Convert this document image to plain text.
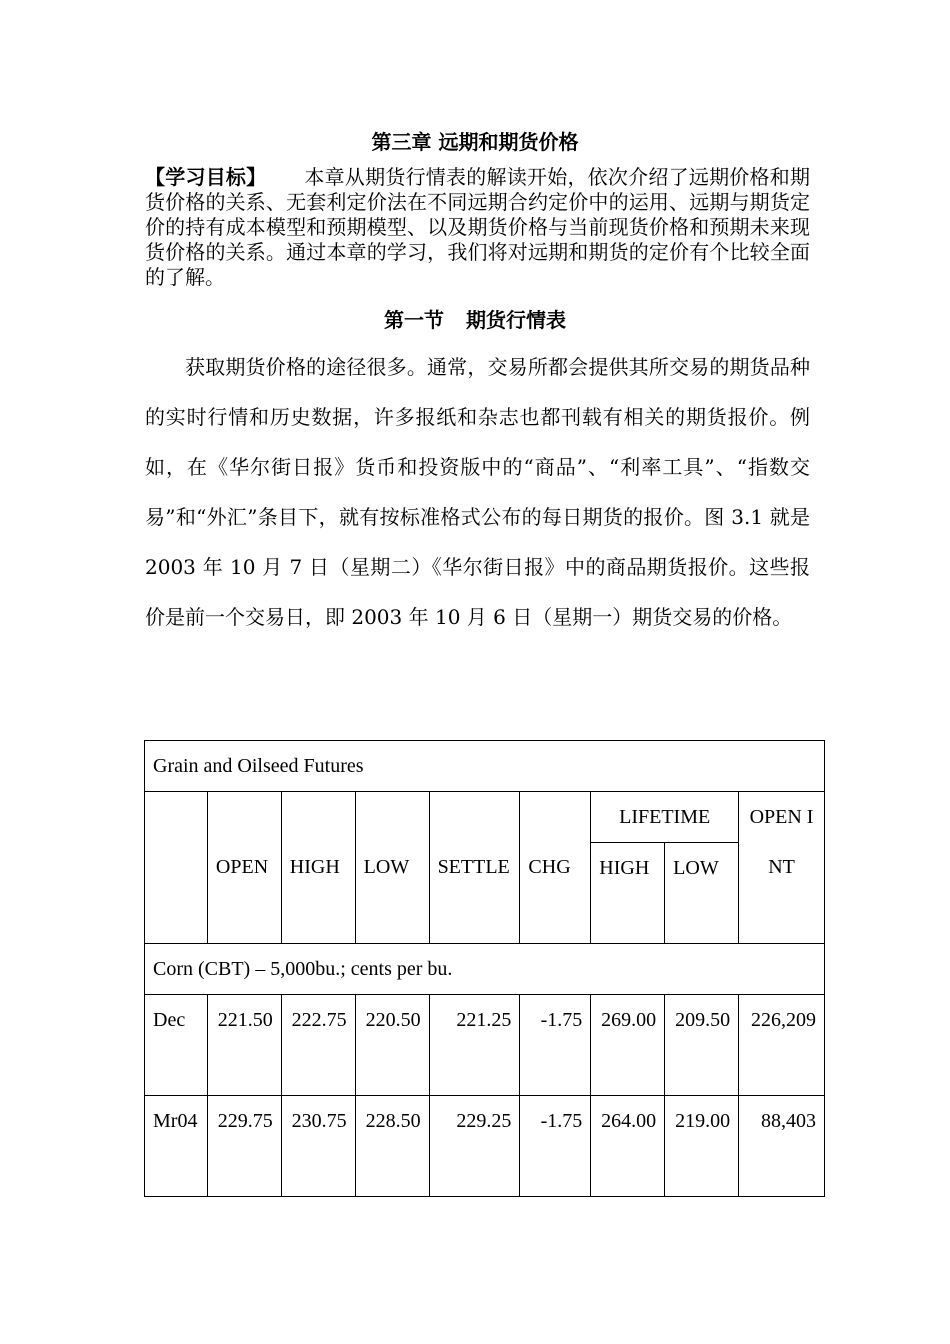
第三章 远期和期货价格
【学习目标】 本章从期货行情表的解读开始，依次介绍了远期价格和期货价格的关系、无套利定价法在不同远期合约定价中的运用、远期与期货定价的持有成本模型和预期模型、以及期货价格与当前现货价格和预期未来现货价格的关系。通过本章的学习，我们将对远期和期货的定价有个比较全面的了解。
第一节 期货行情表
获取期货价格的途径很多。通常，交易所都会提供其所交易的期货品种的实时行情和历史数据，许多报纸和杂志也都刊载有相关的期货报价。例如，在《华尔街日报》货币和投资版中的“商品”、“利率工具”、“指数交易”和“外汇”条目下，就有按标准格式公布的每日期货的报价。图 3.1 就是 2003 年 10 月 7 日（星期二）《华尔街日报》中的商品期货报价。这些报价是前一个交易日，即 2003 年 10 月 6 日（星期一）期货交易的价格。
Grain and Oilseed Futures								
	OPEN	HIGH	LOW	SETTLE	CHG	LIFETIME		OPEN INT
						HIGH	LOW	
Corn (CBT) – 5,000bu.; cents per bu.								
Dec	221.50	222.75	220.50	221.25	-1.75	269.00	209.50	226,209
Mr04	229.75	230.75	228.50	229.25	-1.75	264.00	219.00	88,403
